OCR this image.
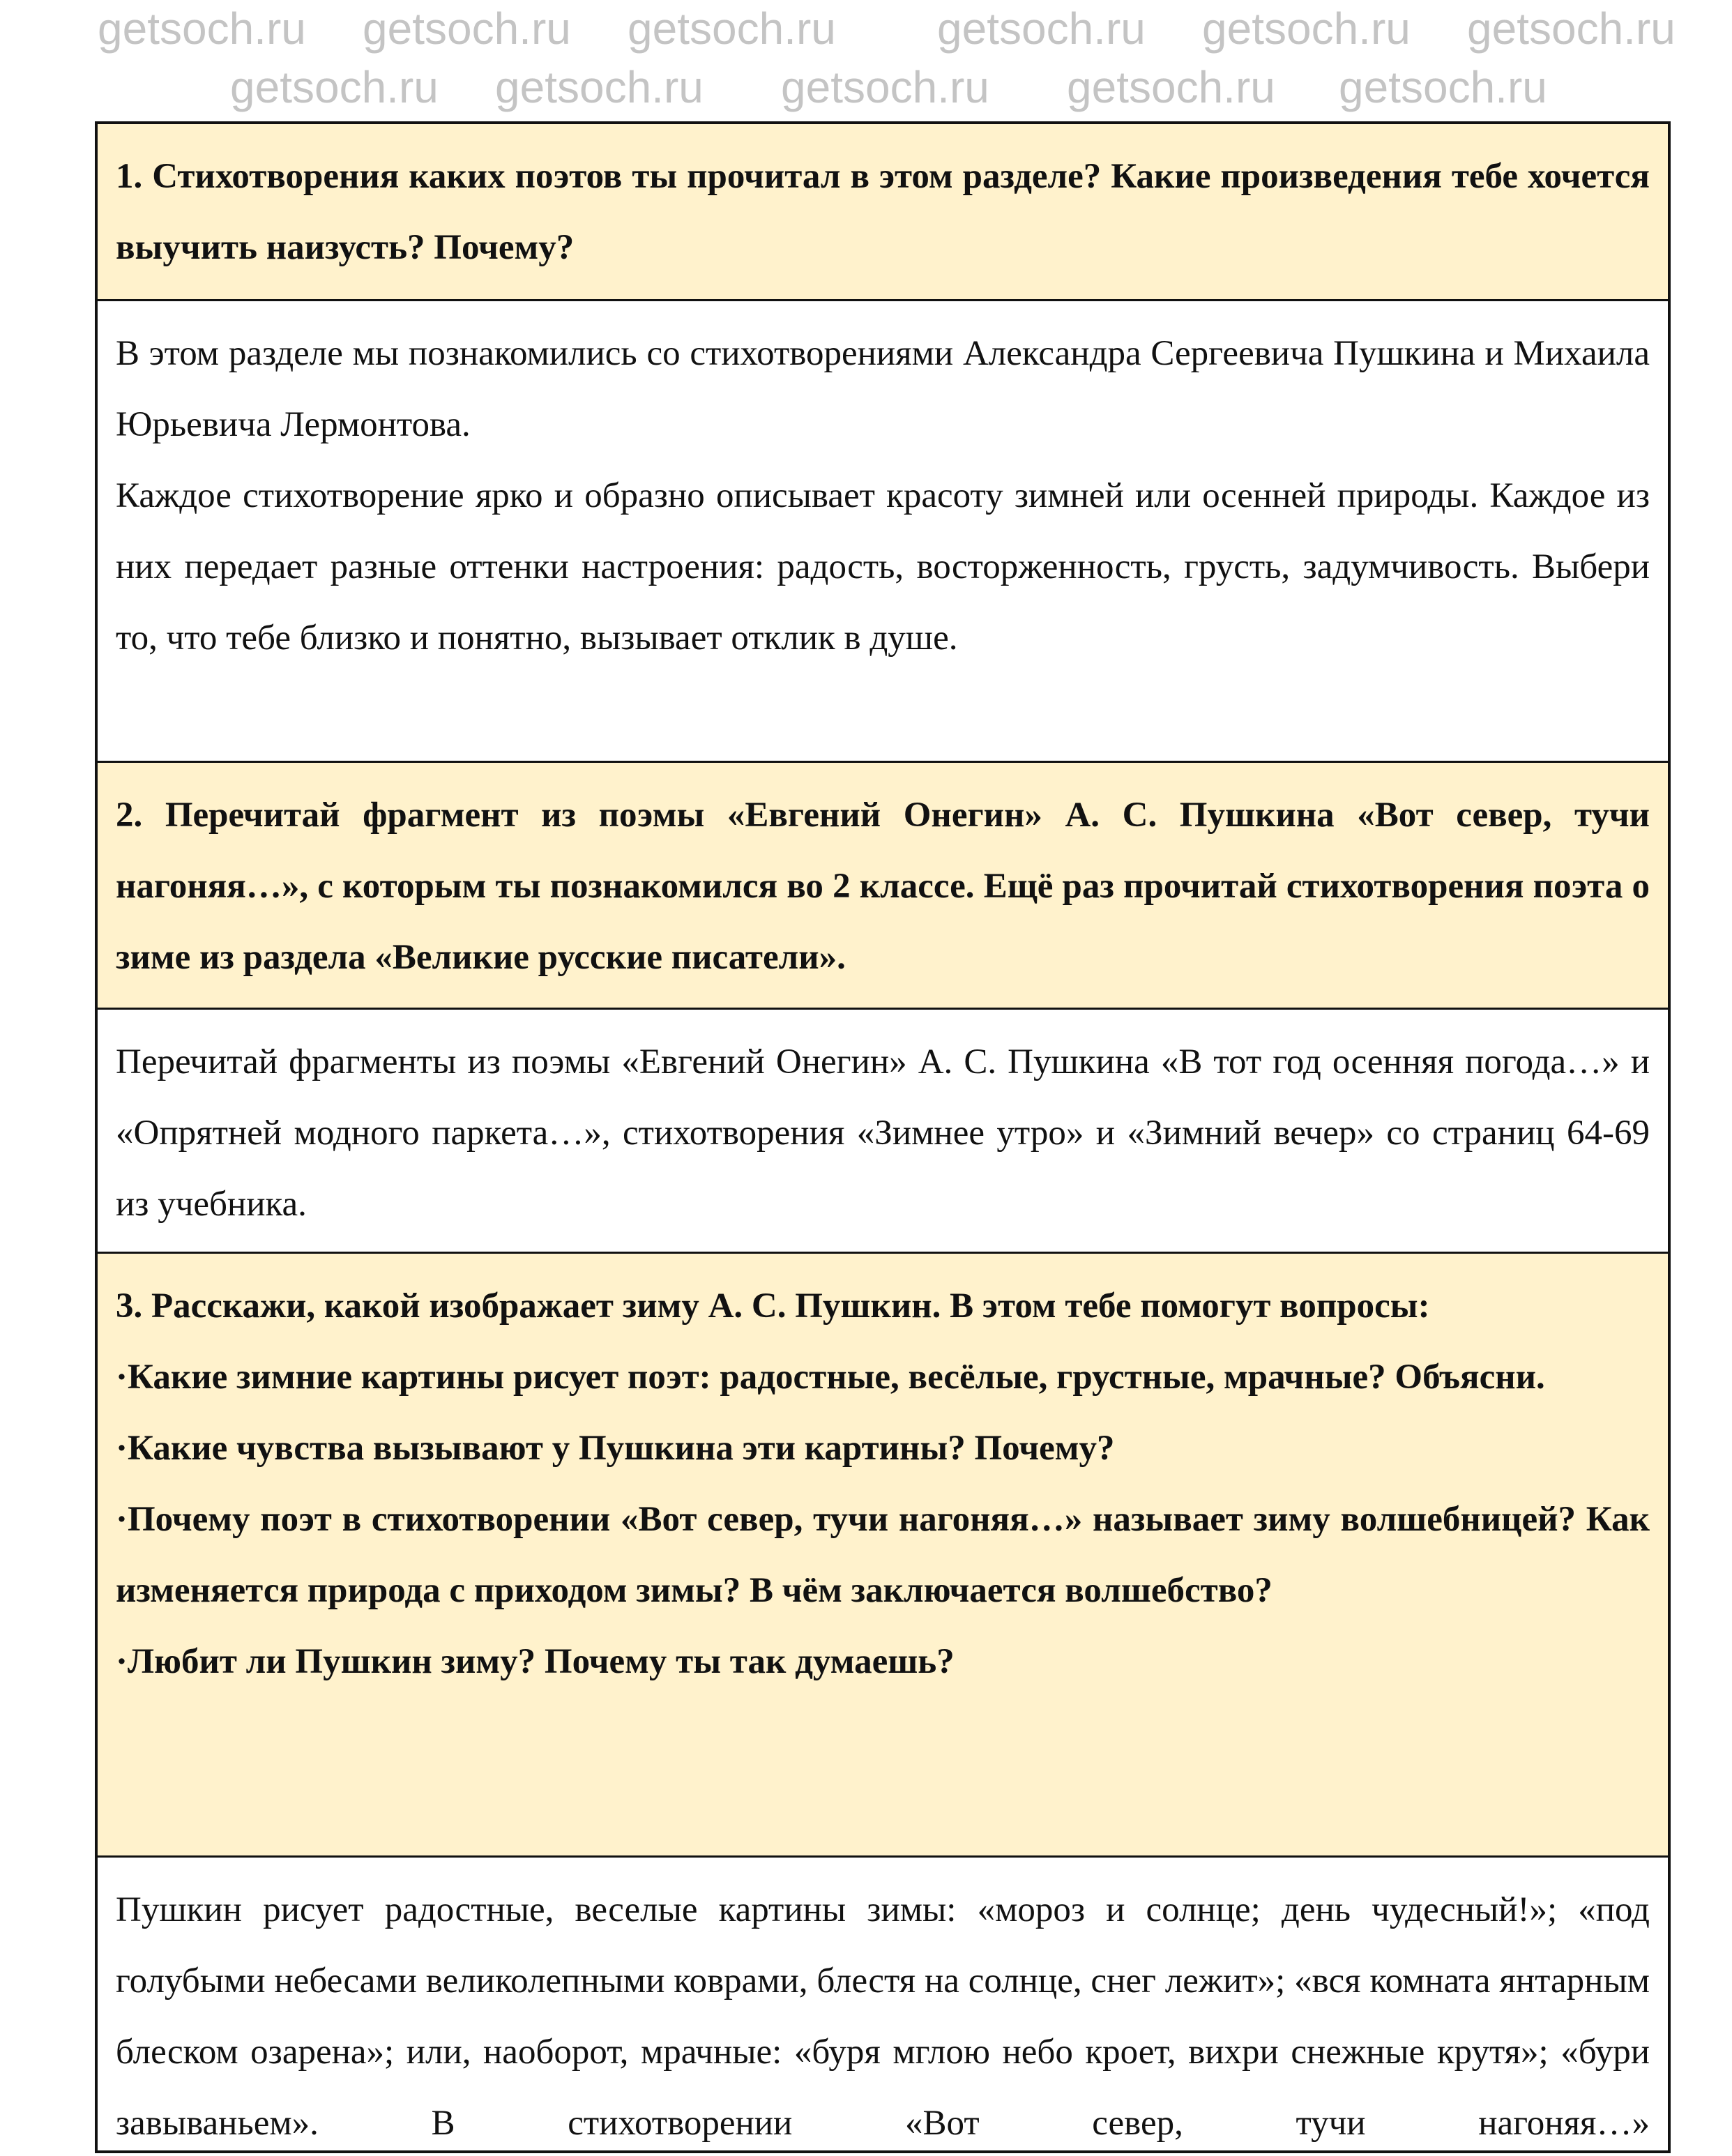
getsoch.ru getsoch.ru getsoch.ru getsoch.ru getsoch.ru getsoch.ru
getsoch.ru getsoch.ru getsoch.ru getsoch.ru getsoch.ru

1. Стихотворения каких поэтов ты прочитал в этом разделе? Какие произведения тебе хочется выучить наизусть? Почему?

В этом разделе мы познакомились со стихотворениями Александра Сергеевича Пушкина и Михаила Юрьевича Лермонтова.

Каждое стихотворение ярко и образно описывает красоту зимней или осенней природы. Каждое из них передает разные оттенки настроения: радость, восторженность, грусть, задумчивость. Выбери то, что тебе близко и понятно, вызывает отклик в душе.

2. Перечитай фрагмент из поэмы «Евгений Онегин» А. С. Пушкина «Вот север, тучи нагоняя…», с которым ты познакомился во 2 классе. Ещё раз прочитай стихотворения поэта о зиме из раздела «Великие русские писатели».

Перечитай фрагменты из поэмы «Евгений Онегин» А. С. Пушкина «В тот год осенняя погода…» и «Опрятней модного паркета…», стихотворения «Зимнее утро» и «Зимний вечер» со страниц 64-69 из учебника.

3. Расскажи, какой изображает зиму А. С. Пушкин. В этом тебе помогут вопросы:

·Какие зимние картины рисует поэт: радостные, весёлые, грустные, мрачные? Объясни.

·Какие чувства вызывают у Пушкина эти картины? Почему?

·Почему поэт в стихотворении «Вот север, тучи нагоняя…» называет зиму волшебницей? Как изменяется природа с приходом зимы? В чём заключается волшебство?

·Любит ли Пушкин зиму? Почему ты так думаешь?

Пушкин рисует радостные, веселые картины зимы: «мороз и солнце; день чудесный!»; «под голубыми небесами великолепными коврами, блестя на солнце, снег лежит»; «вся комната янтарным блеском озарена»; или, наоборот, мрачные: «буря мглою небо кроет, вихри снежные крутя»; «бури завываньем». В стихотворении «Вот север, тучи нагоняя…»
